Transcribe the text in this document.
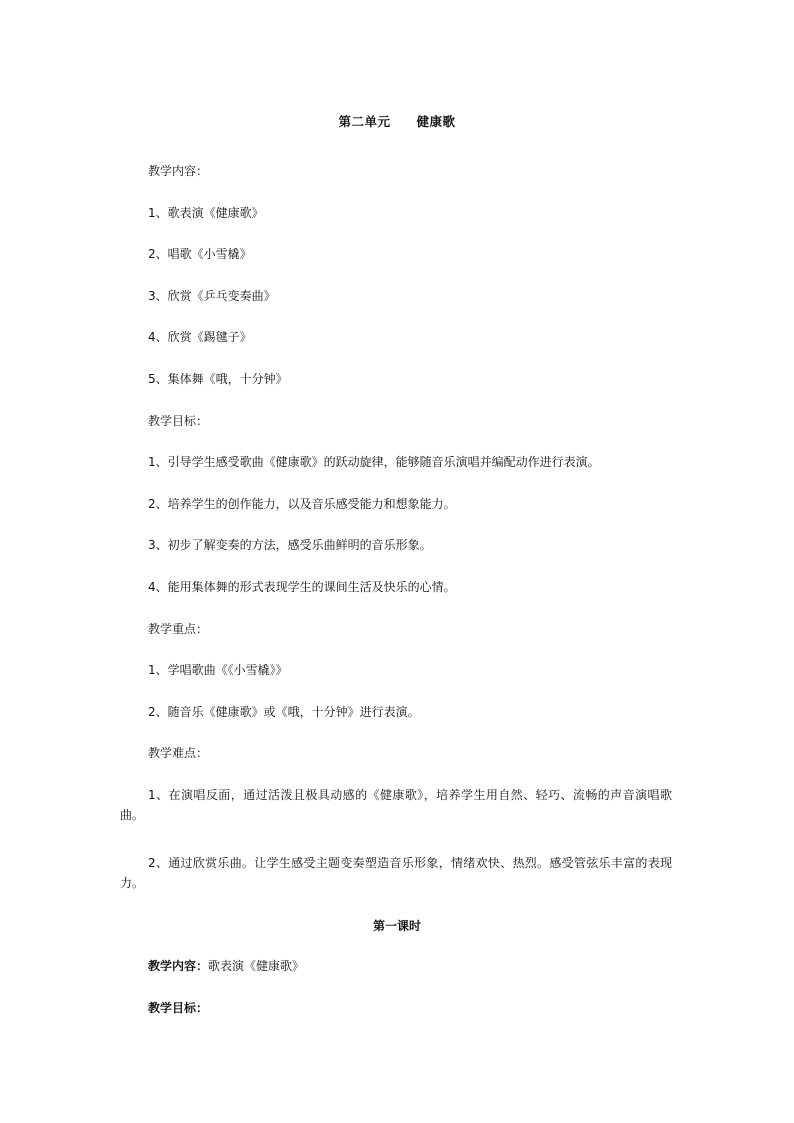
第二单元 健康歌
教学内容：
1、歌表演《健康歌》
2、唱歌《小雪橇》
3、欣赏《乒乓变奏曲》
4、欣赏《踢毽子》
5、集体舞《哦，十分钟》
教学目标：
1、引导学生感受歌曲《健康歌》的跃动旋律，能够随音乐演唱并编配动作进行表演。
2、培养学生的创作能力，以及音乐感受能力和想象能力。
3、初步了解变奏的方法，感受乐曲鲜明的音乐形象。
4、能用集体舞的形式表现学生的课间生活及快乐的心情。
教学重点：
1、学唱歌曲《《小雪橇》》
2、随音乐《健康歌》或《哦，十分钟》进行表演。
教学难点：
1、在演唱反面，通过活泼且极具动感的《健康歌》，培养学生用自然、轻巧、流畅的声音演唱歌曲。
2、通过欣赏乐曲。让学生感受主题变奏塑造音乐形象，情绪欢快、热烈。感受管弦乐丰富的表现力。
第一课时
教学内容：歌表演《健康歌》
教学目标：
